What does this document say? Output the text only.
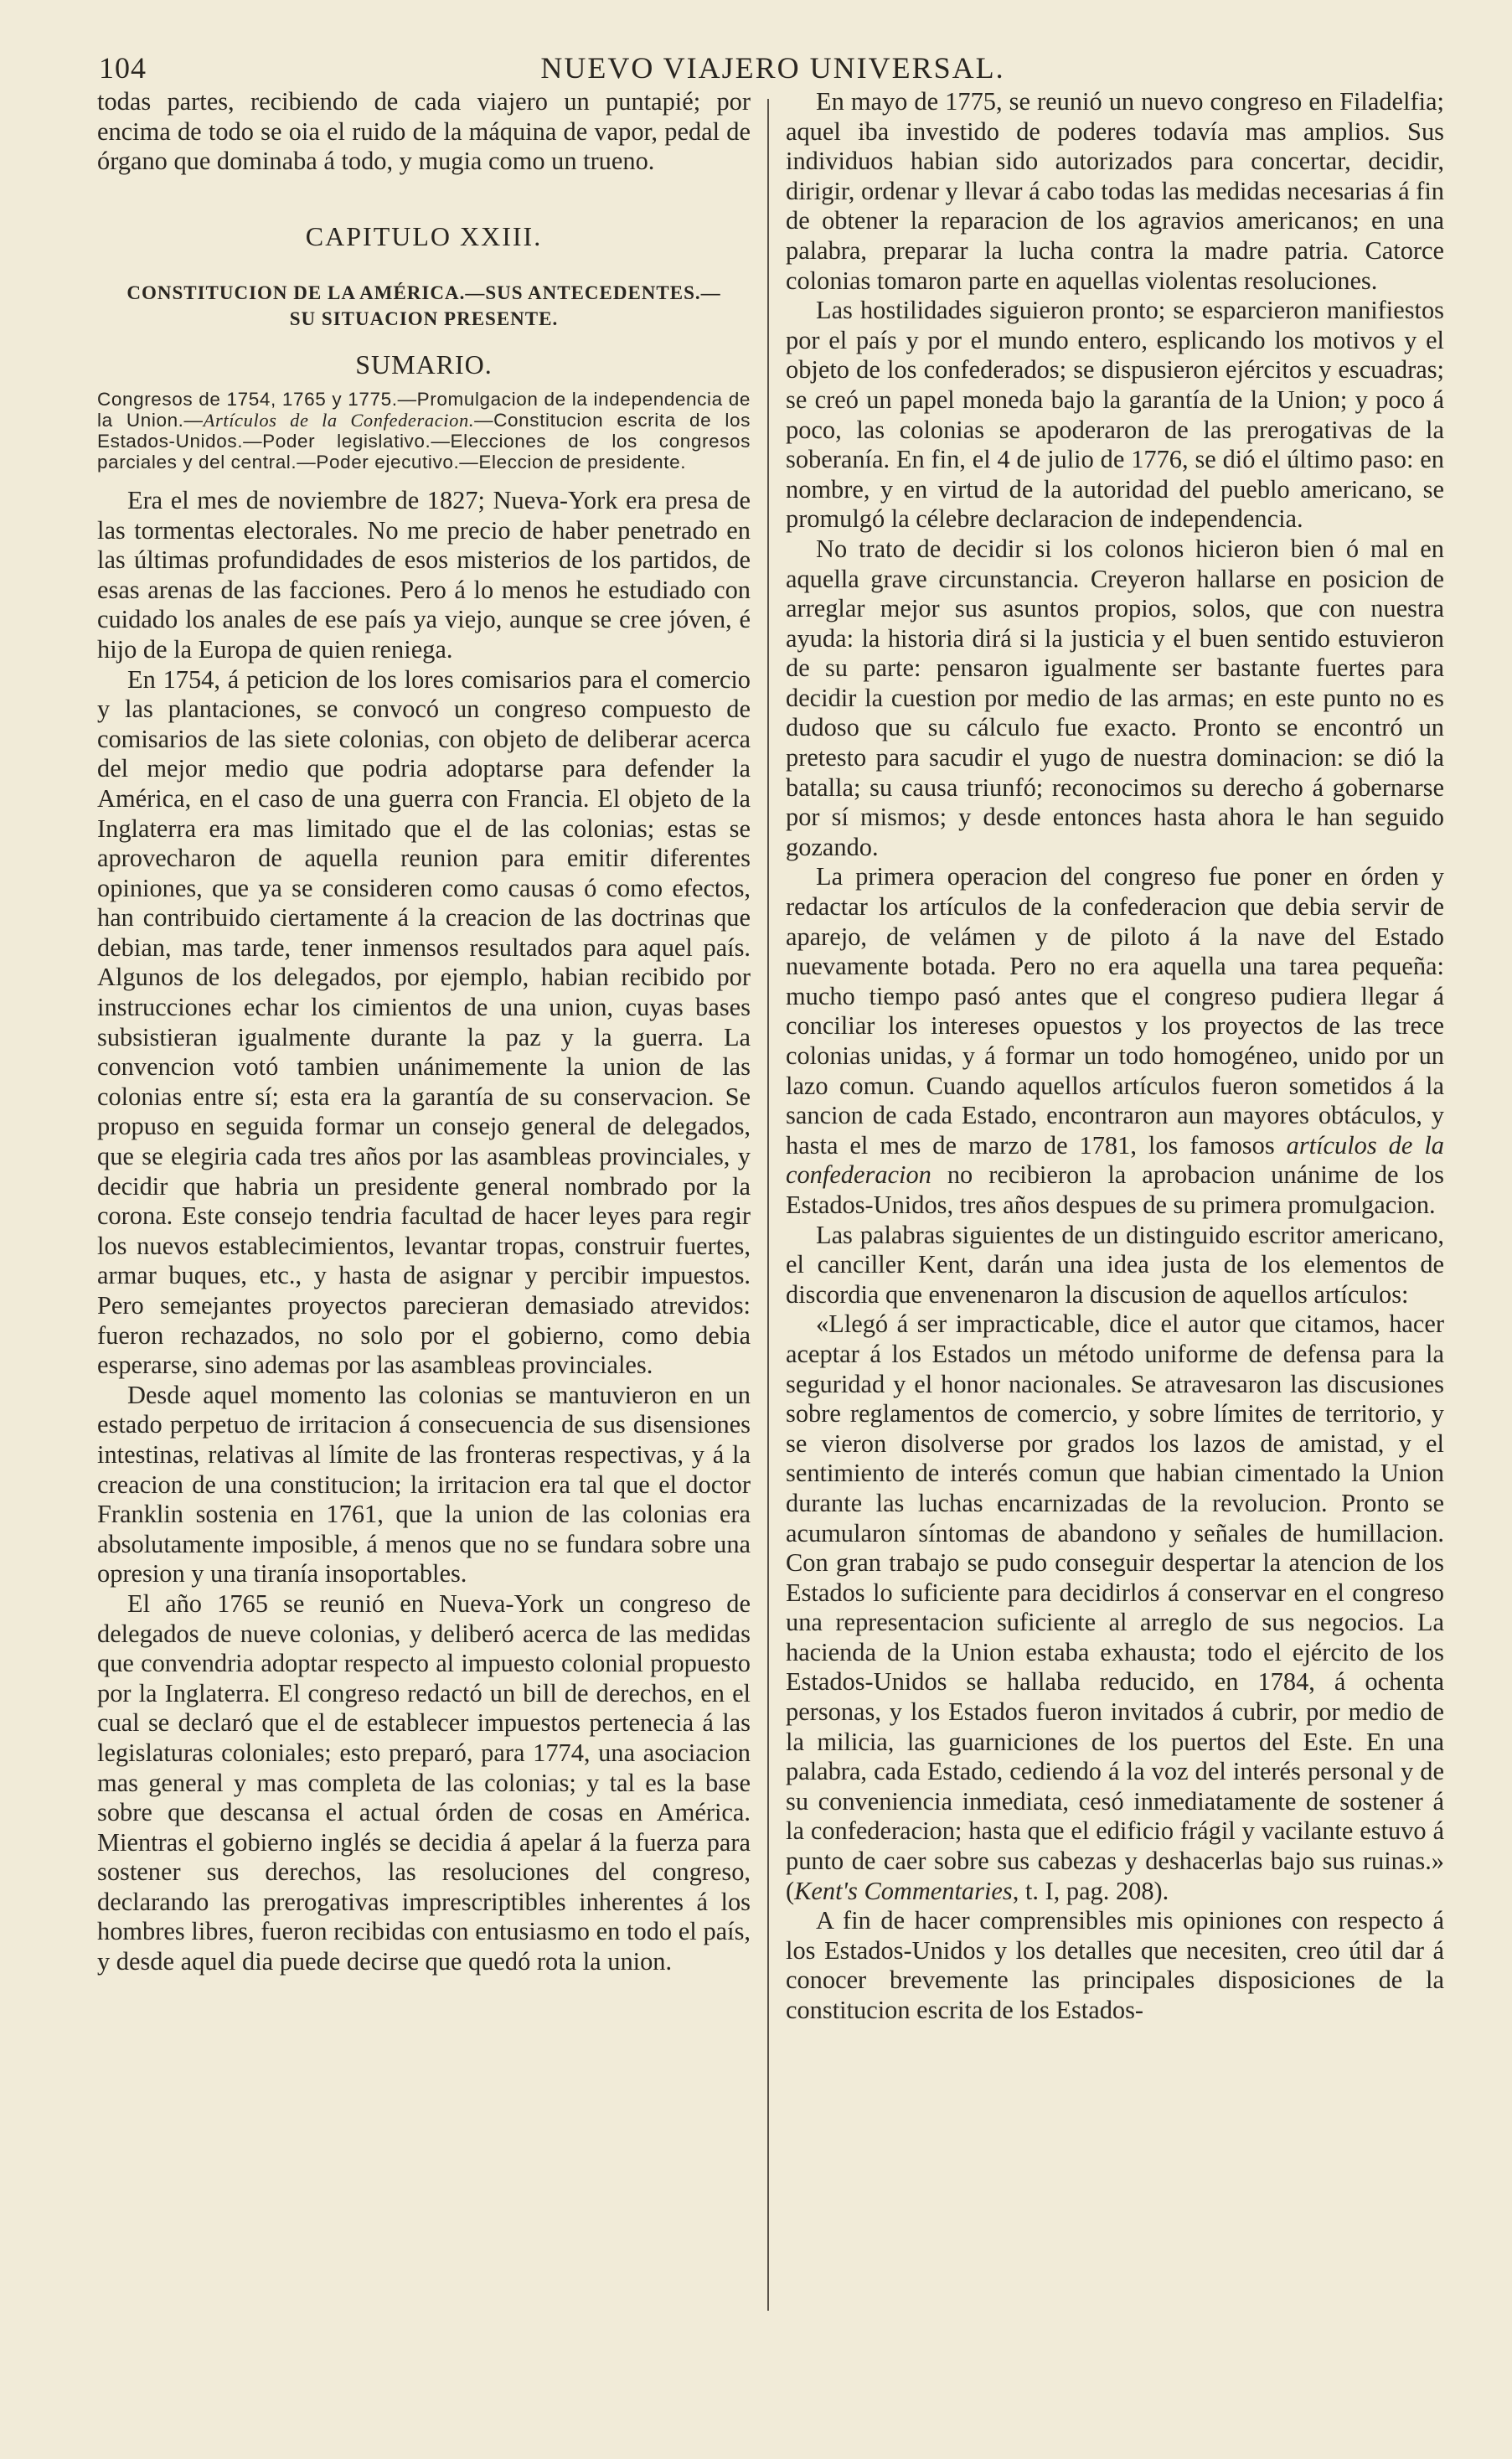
104	NUEVO VIAJERO UNIVERSAL.

todas partes, recibiendo de cada viajero un puntapié; por encima de todo se oia el ruido de la máquina de vapor, pedal de órgano que dominaba á todo, y mugia como un trueno.

CAPITULO XXIII.
CONSTITUCION DE LA AMÉRICA.—SUS ANTECEDENTES.—
SU SITUACION PRESENTE.
SUMARIO.

Congresos de 1754, 1765 y 1775.—Promulgacion de la independencia de la Union.—Artículos de la Confederacion.—Constitucion escrita de los Estados-Unidos.—Poder legislativo.—Elecciones de los congresos parciales y del central.—Poder ejecutivo.—Eleccion de presidente.

Era el mes de noviembre de 1827; Nueva-York era presa de las tormentas electorales. No me precio de haber penetrado en las últimas profundidades de esos misterios de los partidos, de esas arenas de las facciones. Pero á lo menos he estudiado con cuidado los anales de ese país ya viejo, aunque se cree jóven, é hijo de la Europa de quien reniega.

En 1754, á peticion de los lores comisarios para el comercio y las plantaciones, se convocó un congreso compuesto de comisarios de las siete colonias, con objeto de deliberar acerca del mejor medio que podria adoptarse para defender la América, en el caso de una guerra con Francia. El objeto de la Inglaterra era mas limitado que el de las colonias; estas se aprovecharon de aquella reunion para emitir diferentes opiniones, que ya se consideren como causas ó como efectos, han contribuido ciertamente á la creacion de las doctrinas que debian, mas tarde, tener inmensos resultados para aquel país. Algunos de los delegados, por ejemplo, habian recibido por instrucciones echar los cimientos de una union, cuyas bases subsistieran igualmente durante la paz y la guerra. La convencion votó tambien unánimemente la union de las colonias entre sí; esta era la garantía de su conservacion. Se propuso en seguida formar un consejo general de delegados, que se elegiria cada tres años por las asambleas provinciales, y decidir que habria un presidente general nombrado por la corona. Este consejo tendria facultad de hacer leyes para regir los nuevos establecimientos, levantar tropas, construir fuertes, armar buques, etc., y hasta de asignar y percibir impuestos. Pero semejantes proyectos parecieran demasiado atrevidos: fueron rechazados, no solo por el gobierno, como debia esperarse, sino ademas por las asambleas provinciales.

Desde aquel momento las colonias se mantuvieron en un estado perpetuo de irritacion á consecuencia de sus disensiones intestinas, relativas al límite de las fronteras respectivas, y á la creacion de una constitucion; la irritacion era tal que el doctor Franklin sostenia en 1761, que la union de las colonias era absolutamente imposible, á menos que no se fundara sobre una opresion y una tiranía insoportables.

El año 1765 se reunió en Nueva-York un congreso de delegados de nueve colonias, y deliberó acerca de las medidas que convendria adoptar respecto al impuesto colonial propuesto por la Inglaterra. El congreso redactó un bill de derechos, en el cual se declaró que el de establecer impuestos pertenecia á las legislaturas coloniales; esto preparó, para 1774, una asociacion mas general y mas completa de las colonias; y tal es la base sobre que descansa el actual órden de cosas en América. Mientras el gobierno inglés se decidia á apelar á la fuerza para sostener sus derechos, las resoluciones del congreso, declarando las prerogativas imprescriptibles inherentes á los hombres libres, fueron recibidas con entusiasmo en todo el país, y desde aquel dia puede decirse que quedó rota la union.

En mayo de 1775, se reunió un nuevo congreso en Filadelfia; aquel iba investido de poderes todavía mas amplios. Sus individuos habian sido autorizados para concertar, decidir, dirigir, ordenar y llevar á cabo todas las medidas necesarias á fin de obtener la reparacion de los agravios americanos; en una palabra, preparar la lucha contra la madre patria. Catorce colonias tomaron parte en aquellas violentas resoluciones.

Las hostilidades siguieron pronto; se esparcieron manifiestos por el país y por el mundo entero, esplicando los motivos y el objeto de los confederados; se dispusieron ejércitos y escuadras; se creó un papel moneda bajo la garantía de la Union; y poco á poco, las colonias se apoderaron de las prerogativas de la soberanía. En fin, el 4 de julio de 1776, se dió el último paso: en nombre, y en virtud de la autoridad del pueblo americano, se promulgó la célebre declaracion de independencia.

No trato de decidir si los colonos hicieron bien ó mal en aquella grave circunstancia. Creyeron hallarse en posicion de arreglar mejor sus asuntos propios, solos, que con nuestra ayuda: la historia dirá si la justicia y el buen sentido estuvieron de su parte: pensaron igualmente ser bastante fuertes para decidir la cuestion por medio de las armas; en este punto no es dudoso que su cálculo fue exacto. Pronto se encontró un pretesto para sacudir el yugo de nuestra dominacion: se dió la batalla; su causa triunfó; reconocimos su derecho á gobernarse por sí mismos; y desde entonces hasta ahora le han seguido gozando.

La primera operacion del congreso fue poner en órden y redactar los artículos de la confederacion que debia servir de aparejo, de velámen y de piloto á la nave del Estado nuevamente botada. Pero no era aquella una tarea pequeña: mucho tiempo pasó antes que el congreso pudiera llegar á conciliar los intereses opuestos y los proyectos de las trece colonias unidas, y á formar un todo homogéneo, unido por un lazo comun. Cuando aquellos artículos fueron sometidos á la sancion de cada Estado, encontraron aun mayores obtáculos, y hasta el mes de marzo de 1781, los famosos artículos de la confederacion no recibieron la aprobacion unánime de los Estados-Unidos, tres años despues de su primera promulgacion.

Las palabras siguientes de un distinguido escritor americano, el canciller Kent, darán una idea justa de los elementos de discordia que envenenaron la discusion de aquellos artículos:

«Llegó á ser impracticable, dice el autor que citamos, hacer aceptar á los Estados un método uniforme de defensa para la seguridad y el honor nacionales. Se atravesaron las discusiones sobre reglamentos de comercio, y sobre límites de territorio, y se vieron disolverse por grados los lazos de amistad, y el sentimiento de interés comun que habian cimentado la Union durante las luchas encarnizadas de la revolucion. Pronto se acumularon síntomas de abandono y señales de humillacion. Con gran trabajo se pudo conseguir despertar la atencion de los Estados lo suficiente para decidirlos á conservar en el congreso una representacion suficiente al arreglo de sus negocios. La hacienda de la Union estaba exhausta; todo el ejército de los Estados-Unidos se hallaba reducido, en 1784, á ochenta personas, y los Estados fueron invitados á cubrir, por medio de la milicia, las guarniciones de los puertos del Este. En una palabra, cada Estado, cediendo á la voz del interés personal y de su conveniencia inmediata, cesó inmediatamente de sostener á la confederacion; hasta que el edificio frágil y vacilante estuvo á punto de caer sobre sus cabezas y deshacerlas bajo sus ruinas.» (Kent's Commentaries, t. I, pag. 208).

A fin de hacer comprensibles mis opiniones con respecto á los Estados-Unidos y los detalles que necesiten, creo útil dar á conocer brevemente las principales disposiciones de la constitucion escrita de los Estados-
